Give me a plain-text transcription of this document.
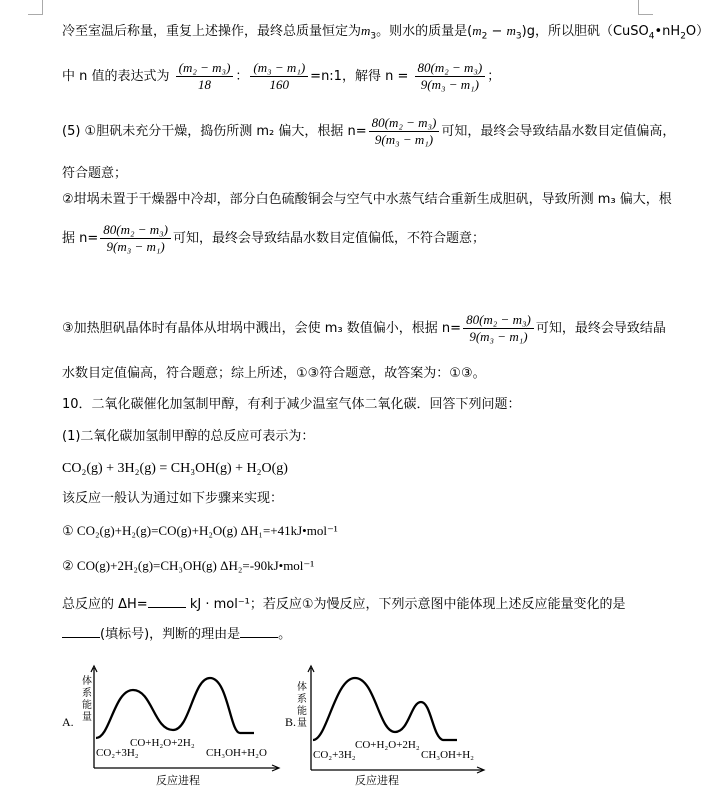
冷至室温后称量，重复上述操作，最终总质量恒定为$m_3$。则水的质量是$(m_2 - m_3)g$，所以胆矾$(CuSO_4•nH_2O)$
中 n 值的表达式为 $\frac{\text{(m₂ − m₃)}}{18}$ ： $\frac{\text{(m₃ − m₁)}}{160}$ =n:1，解得 $n = \frac{\text{80(m₂ − m₃)}}{\text{9(m₃ − m₁)}}$ ；
(5) ①胆矾未充分干燥，捣伤所测 m₂ 偏大，根据 $n= \frac{\text{80(m₂ − m₃)}}{\text{9(m₃ − m₁)}}$ 可知，最终会导致结晶水数目定值偏高，
符合题意；
②坩埚未置于干燥器中冷却，部分白色硫酸铜会与空气中水蒸气结合重新生成胆矾，导致所测 m₃ 偏大，根
据 $n= \frac{\text{80(m₂ − m₃)}}{\text{9(m₃ − m₁)}}$ 可知，最终会导致结晶水数目定值偏低，不符合题意；
③加热胆矾晶体时有晶体从坩埚中溅出，会使 m₃ 数值偏小，根据 $n= \frac{\text{80(m₂ − m₃)}}{\text{9(m₃ − m₁)}}$ 可知，最终会导致结晶
水数目定值偏高，符合题意；综上所述，①③符合题意，故答案为：①③。
10．二氧化碳催化加氢制甲醇，有利于减少温室气体二氧化碳．回答下列问题：
(1)二氧化碳加氢制甲醇的总反应可表示为：
CO₂(g) + 3H₂(g) = CH₃OH(g) + H₂O(g)
该反应一般认为通过如下步骤来实现：
① CO₂(g)+H₂(g)=CO(g)+H₂O(g) ΔH₁=+41kJ•mol⁻¹
② CO(g)+2H₂(g)=CH₃OH(g) ΔH₂=-90kJ•mol⁻¹
总反应的 ΔH=	kJ · mol⁻¹；若反应①为慢反应，下列示意图中能体现上述反应能量变化的是
(填标号)，判断的理由是	。
A.
体
系
能
量
CO+H₂O+2H₂
CO₂+3H₂	CH₃OH+H₂O
反应进程
B.
体
系
能
量
CO+H₂O+2H₂
CO₂+3H₂	CH₃OH+H₂
反应进程
